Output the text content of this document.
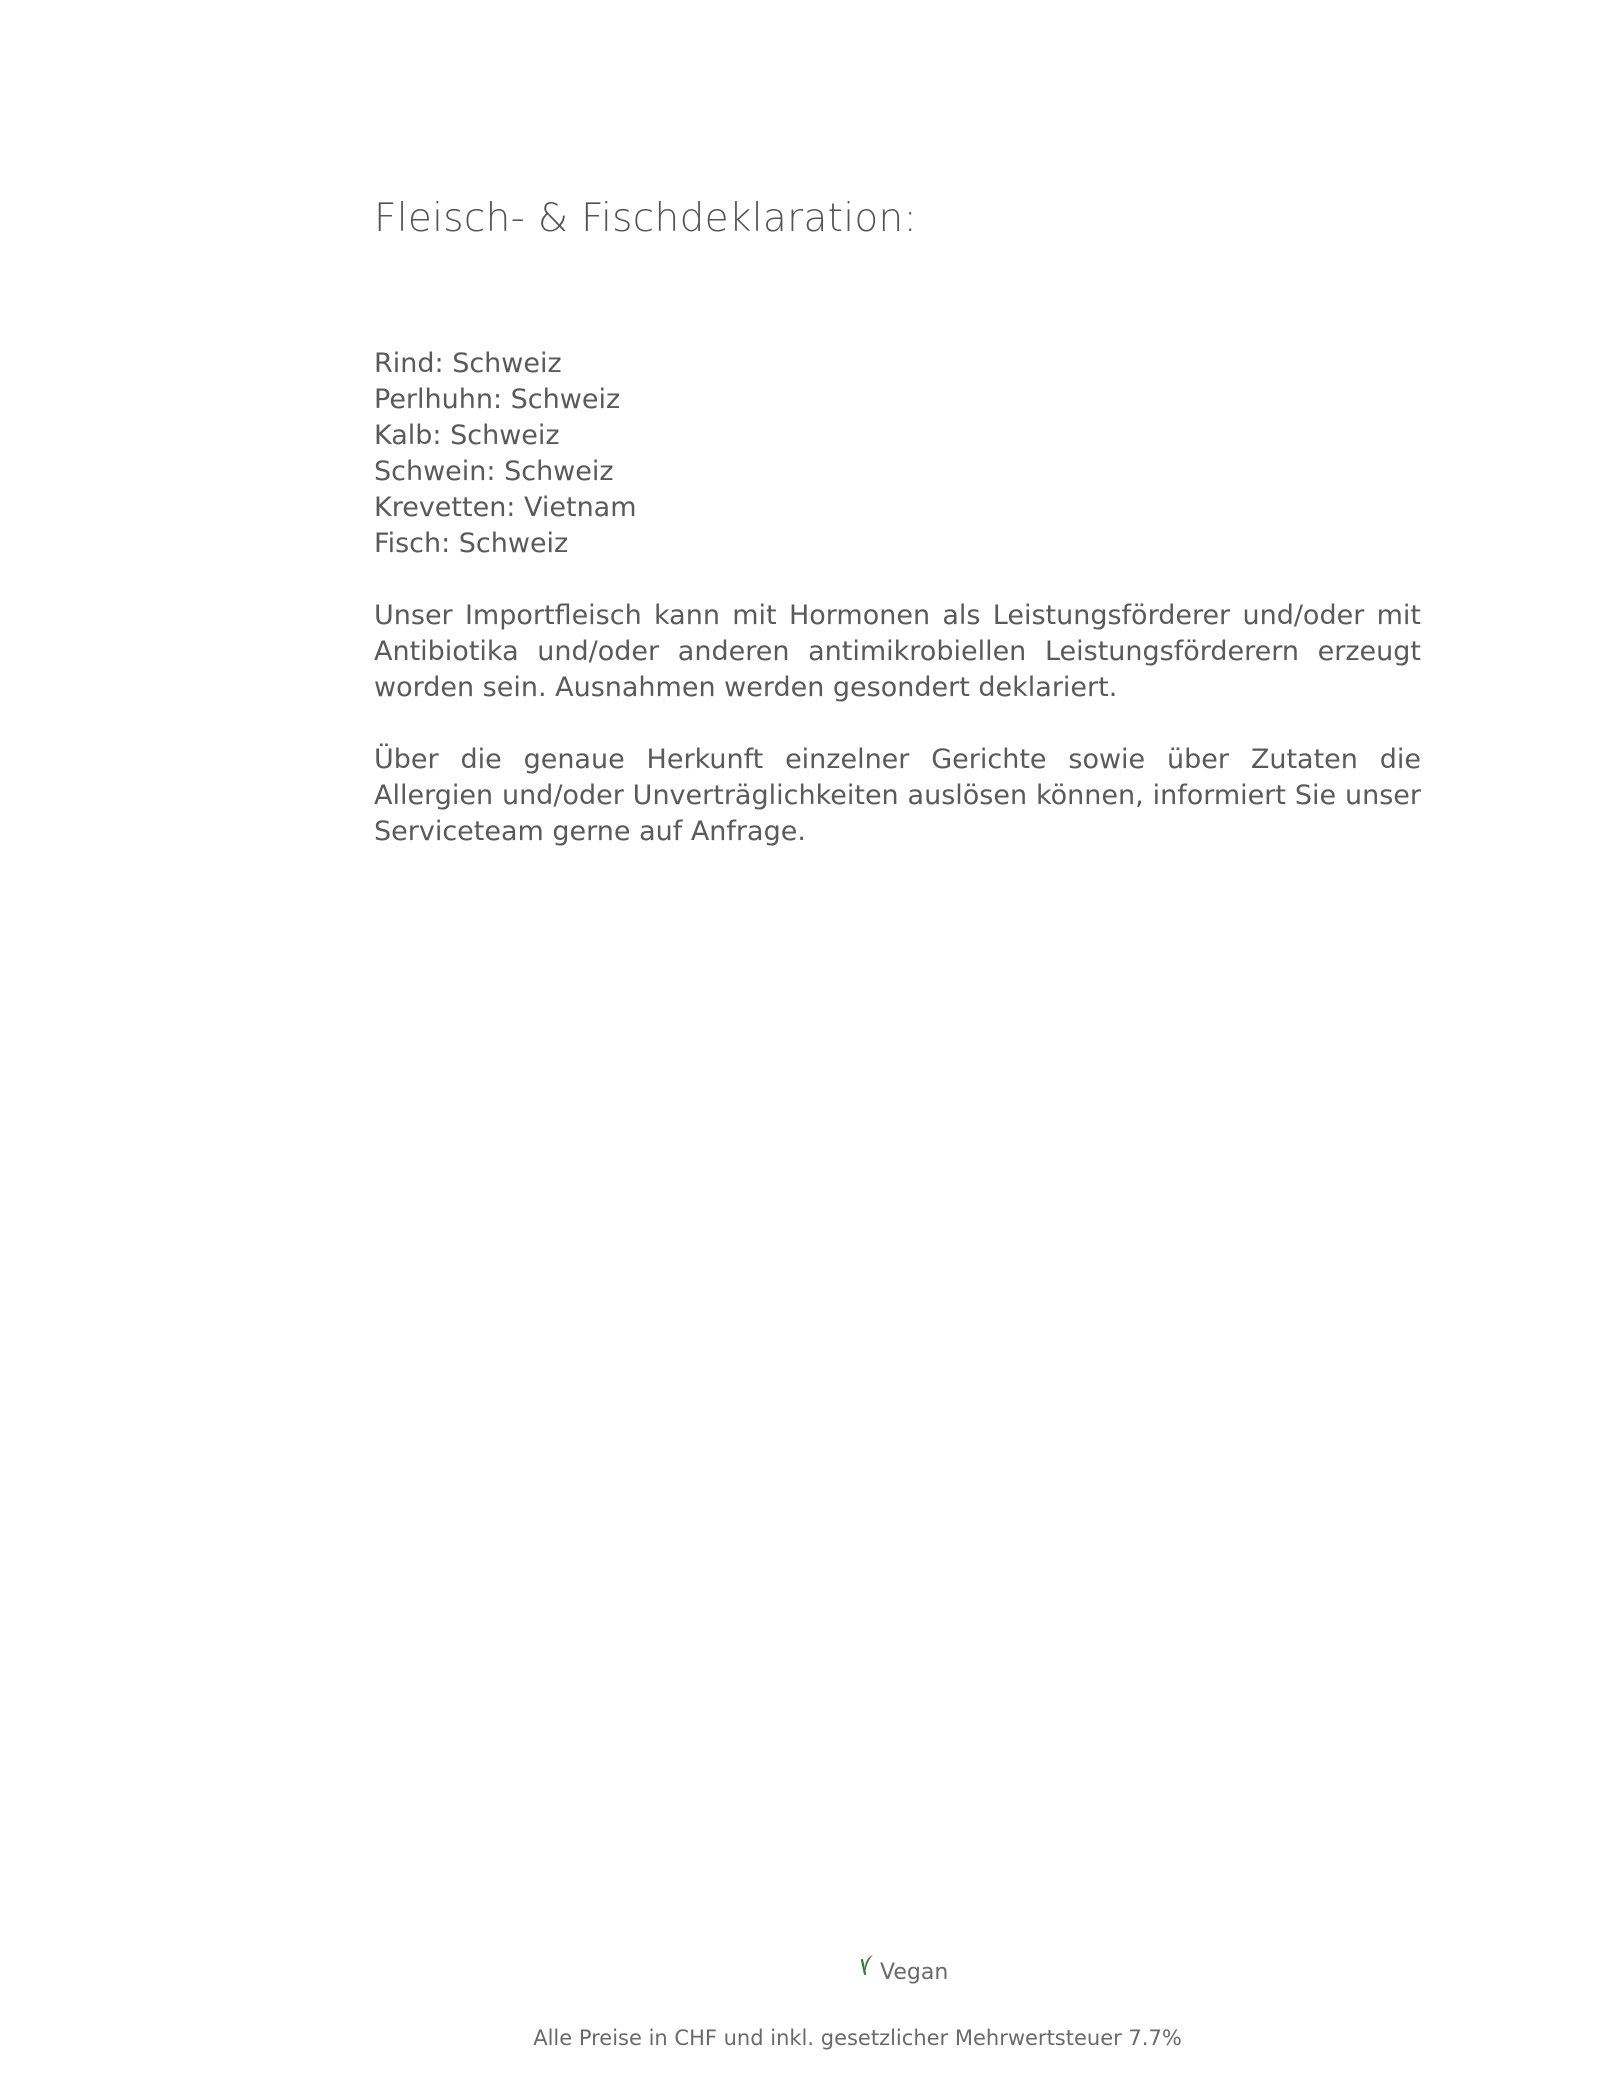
Fleisch- & Fischdeklaration:
Rind: Schweiz
Perlhuhn: Schweiz
Kalb: Schweiz
Schwein: Schweiz
Krevetten: Vietnam
Fisch: Schweiz

Unser Importfleisch kann mit Hormonen als Leistungsförderer und/oder mit Antibiotika und/oder anderen antimikrobiellen Leistungsförderern erzeugt worden sein. Ausnahmen werden gesondert deklariert.

Über die genaue Herkunft einzelner Gerichte sowie über Zutaten die Allergien und/oder Unverträglichkeiten auslösen können, informiert Sie unser Serviceteam gerne auf Anfrage.

Vegan
Alle Preise in CHF und inkl. gesetzlicher Mehrwertsteuer 7.7%
